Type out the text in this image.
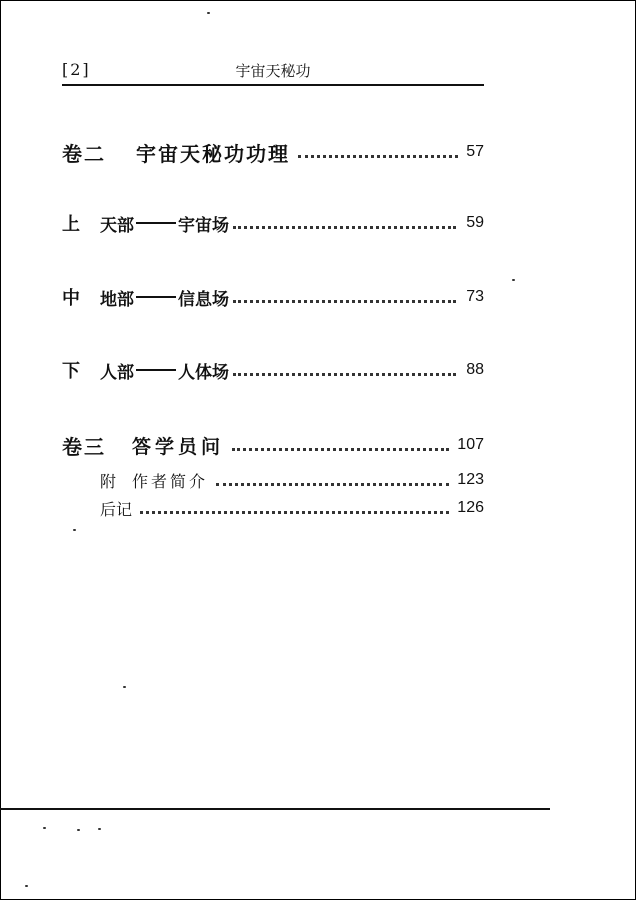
宇宙天秘功
[2]
卷二 宇宙天秘功功理	57
上 天部	宇宙场	59
中 地部	信息场	73
下 人部	人体场	88
卷三 答学员问	107
附 作者简介	123
后记	126
